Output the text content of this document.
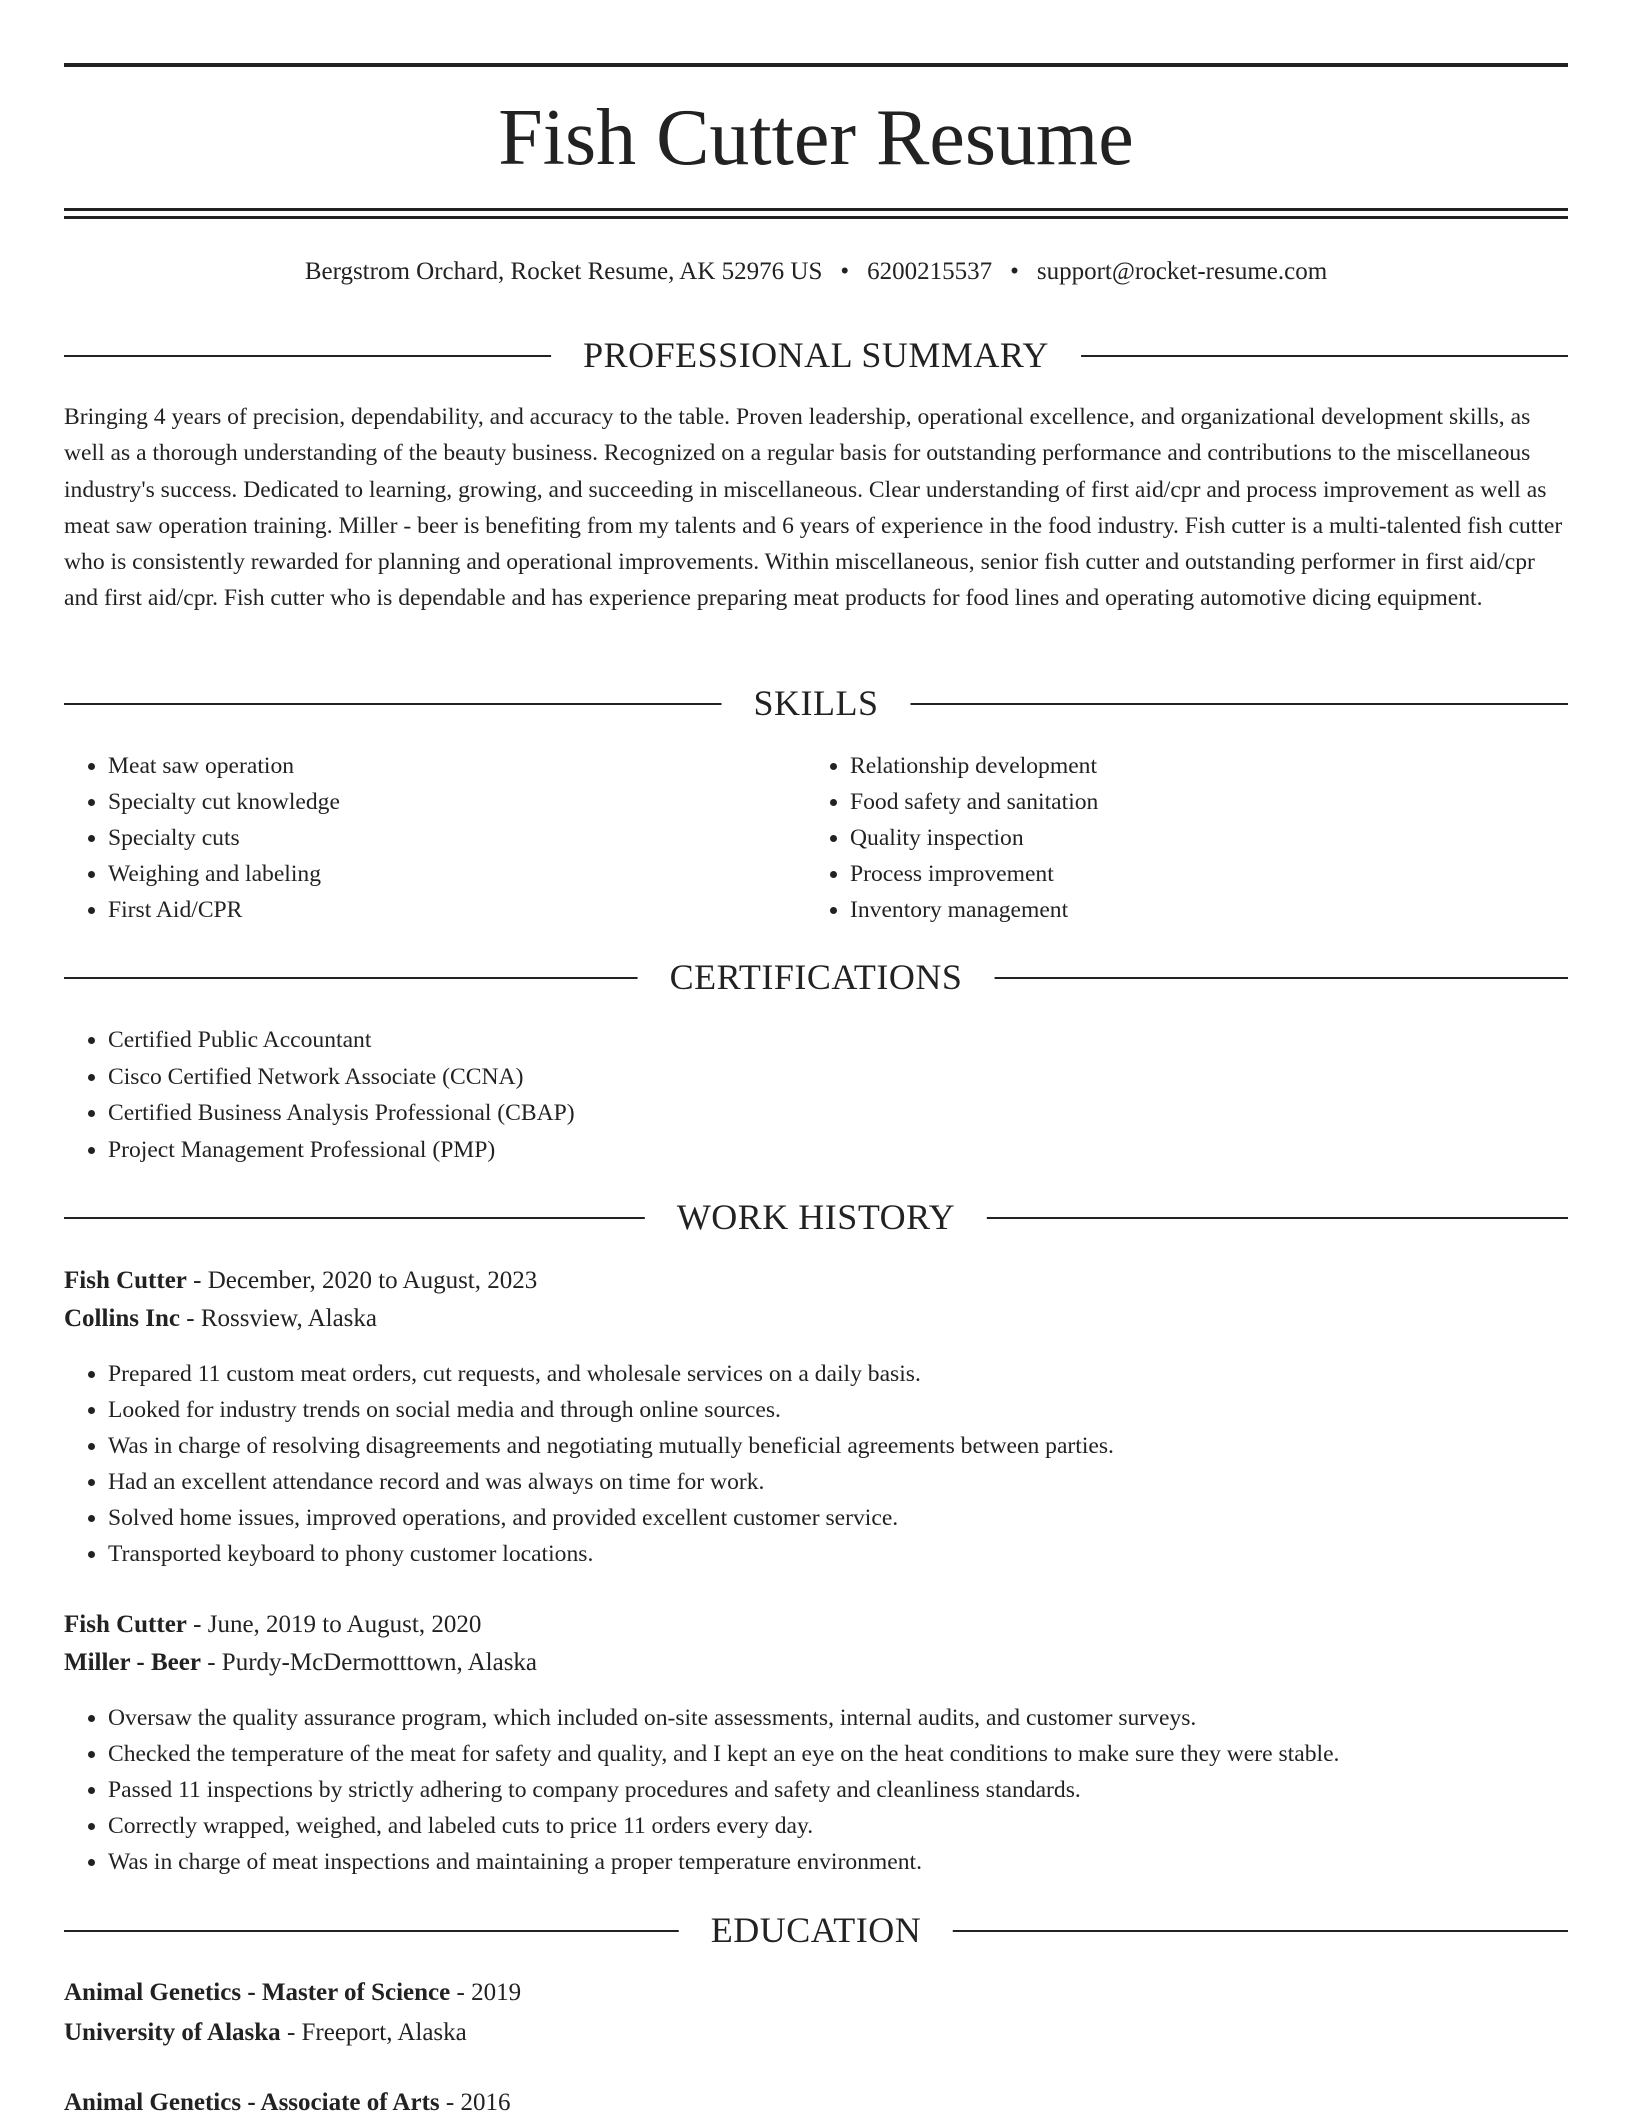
Fish Cutter Resume
Bergstrom Orchard, Rocket Resume, AK 52976 US • 6200215537 • support@rocket-resume.com
PROFESSIONAL SUMMARY

Bringing 4 years of precision, dependability, and accuracy to the table. Proven leadership, operational excellence, and organizational development skills, as well as a thorough understanding of the beauty business. Recognized on a regular basis for outstanding performance and contributions to the miscellaneous industry's success. Dedicated to learning, growing, and succeeding in miscellaneous. Clear understanding of first aid/cpr and process improvement as well as meat saw operation training. Miller - beer is benefiting from my talents and 6 years of experience in the food industry. Fish cutter is a multi-talented fish cutter who is consistently rewarded for planning and operational improvements. Within miscellaneous, senior fish cutter and outstanding performer in first aid/cpr and first aid/cpr. Fish cutter who is dependable and has experience preparing meat products for food lines and operating automotive dicing equipment.

SKILLS
• Meat saw operation
• Specialty cut knowledge
• Specialty cuts
• Weighing and labeling
• First Aid/CPR
• Relationship development
• Food safety and sanitation
• Quality inspection
• Process improvement
• Inventory management
CERTIFICATIONS
• Certified Public Accountant
• Cisco Certified Network Associate (CCNA)
• Certified Business Analysis Professional (CBAP)
• Project Management Professional (PMP)
WORK HISTORY
Fish Cutter - December, 2020 to August, 2023
Collins Inc - Rossview, Alaska
• Prepared 11 custom meat orders, cut requests, and wholesale services on a daily basis.
• Looked for industry trends on social media and through online sources.
• Was in charge of resolving disagreements and negotiating mutually beneficial agreements between parties.
• Had an excellent attendance record and was always on time for work.
• Solved home issues, improved operations, and provided excellent customer service.
• Transported keyboard to phony customer locations.
Fish Cutter - June, 2019 to August, 2020
Miller - Beer - Purdy-McDermotttown, Alaska
• Oversaw the quality assurance program, which included on-site assessments, internal audits, and customer surveys.
• Checked the temperature of the meat for safety and quality, and I kept an eye on the heat conditions to make sure they were stable.
• Passed 11 inspections by strictly adhering to company procedures and safety and cleanliness standards.
• Correctly wrapped, weighed, and labeled cuts to price 11 orders every day.
• Was in charge of meat inspections and maintaining a proper temperature environment.
EDUCATION
Animal Genetics - Master of Science - 2019
University of Alaska - Freeport, Alaska
Animal Genetics - Associate of Arts - 2016
